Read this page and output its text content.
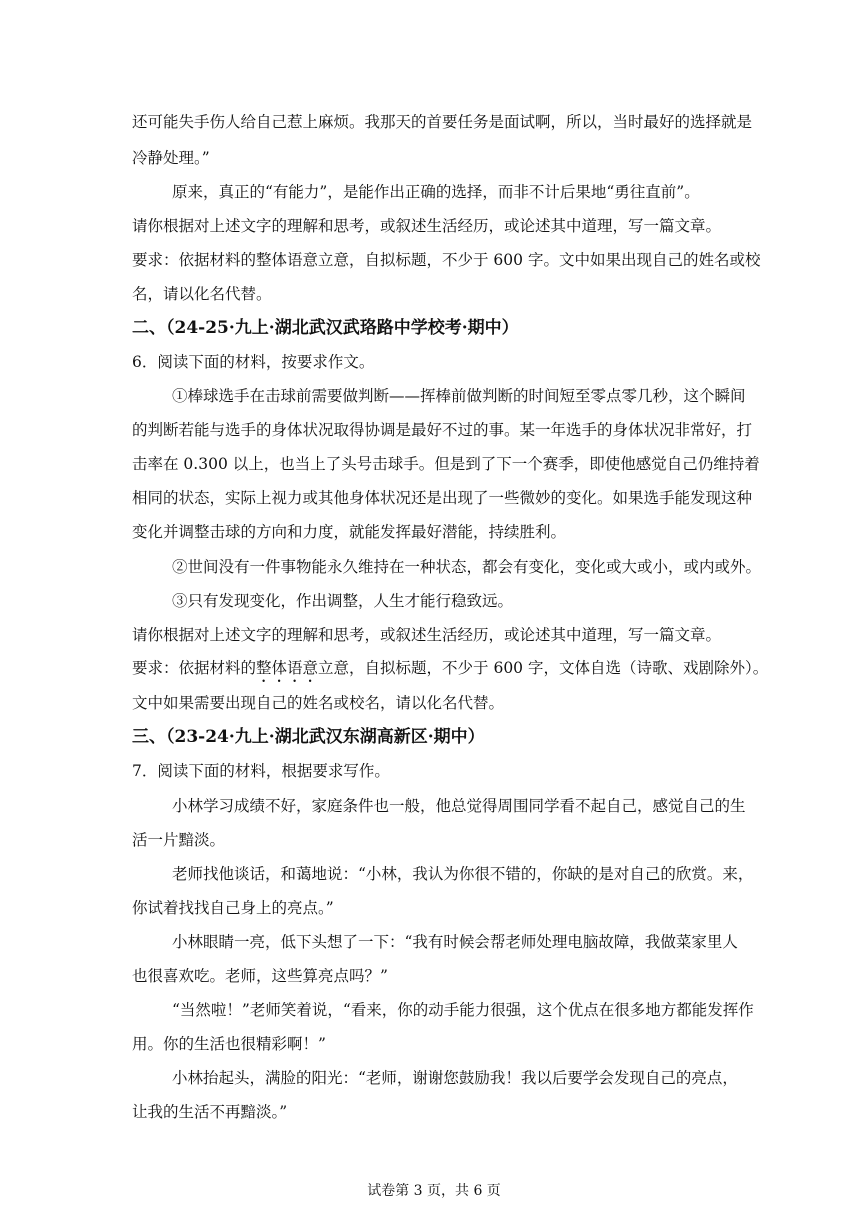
还可能失手伤人给自己惹上麻烦。我那天的首要任务是面试啊，所以，当时最好的选择就是
冷静处理。”
原来，真正的“有能力”，是能作出正确的选择，而非不计后果地“勇往直前”。
请你根据对上述文字的理解和思考，或叙述生活经历，或论述其中道理，写一篇文章。
要求：依据材料的整体语意立意，自拟标题，不少于 600 字。文中如果出现自己的姓名或校
名，请以化名代替。
二、（24-25·九上·湖北武汉武珞路中学校考·期中）
6．阅读下面的材料，按要求作文。
①棒球选手在击球前需要做判断——挥棒前做判断的时间短至零点零几秒，这个瞬间
的判断若能与选手的身体状况取得协调是最好不过的事。某一年选手的身体状况非常好，打
击率在 0.300 以上，也当上了头号击球手。但是到了下一个赛季，即使他感觉自己仍维持着
相同的状态，实际上视力或其他身体状况还是出现了一些微妙的变化。如果选手能发现这种
变化并调整击球的方向和力度，就能发挥最好潜能，持续胜利。
②世间没有一件事物能永久维持在一种状态，都会有变化，变化或大或小，或内或外。
③只有发现变化，作出调整，人生才能行稳致远。
请你根据对上述文字的理解和思考，或叙述生活经历，或论述其中道理，写一篇文章。
要求：依据材料的整体语意立意，自拟标题，不少于 600 字，文体自选（诗歌、戏剧除外）。
文中如果需要出现自己的姓名或校名，请以化名代替。
三、（23-24·九上·湖北武汉东湖高新区·期中）
7．阅读下面的材料，根据要求写作。
小林学习成绩不好，家庭条件也一般，他总觉得周围同学看不起自己，感觉自己的生
活一片黯淡。
老师找他谈话，和蔼地说：“小林，我认为你很不错的，你缺的是对自己的欣赏。来，
你试着找找自己身上的亮点。”
小林眼睛一亮，低下头想了一下：“我有时候会帮老师处理电脑故障，我做菜家里人
也很喜欢吃。老师，这些算亮点吗？”
“当然啦！”老师笑着说，“看来，你的动手能力很强，这个优点在很多地方都能发挥作
用。你的生活也很精彩啊！”
小林抬起头，满脸的阳光：“老师，谢谢您鼓励我！我以后要学会发现自己的亮点，
让我的生活不再黯淡。”
试卷第 3 页，共 6 页
